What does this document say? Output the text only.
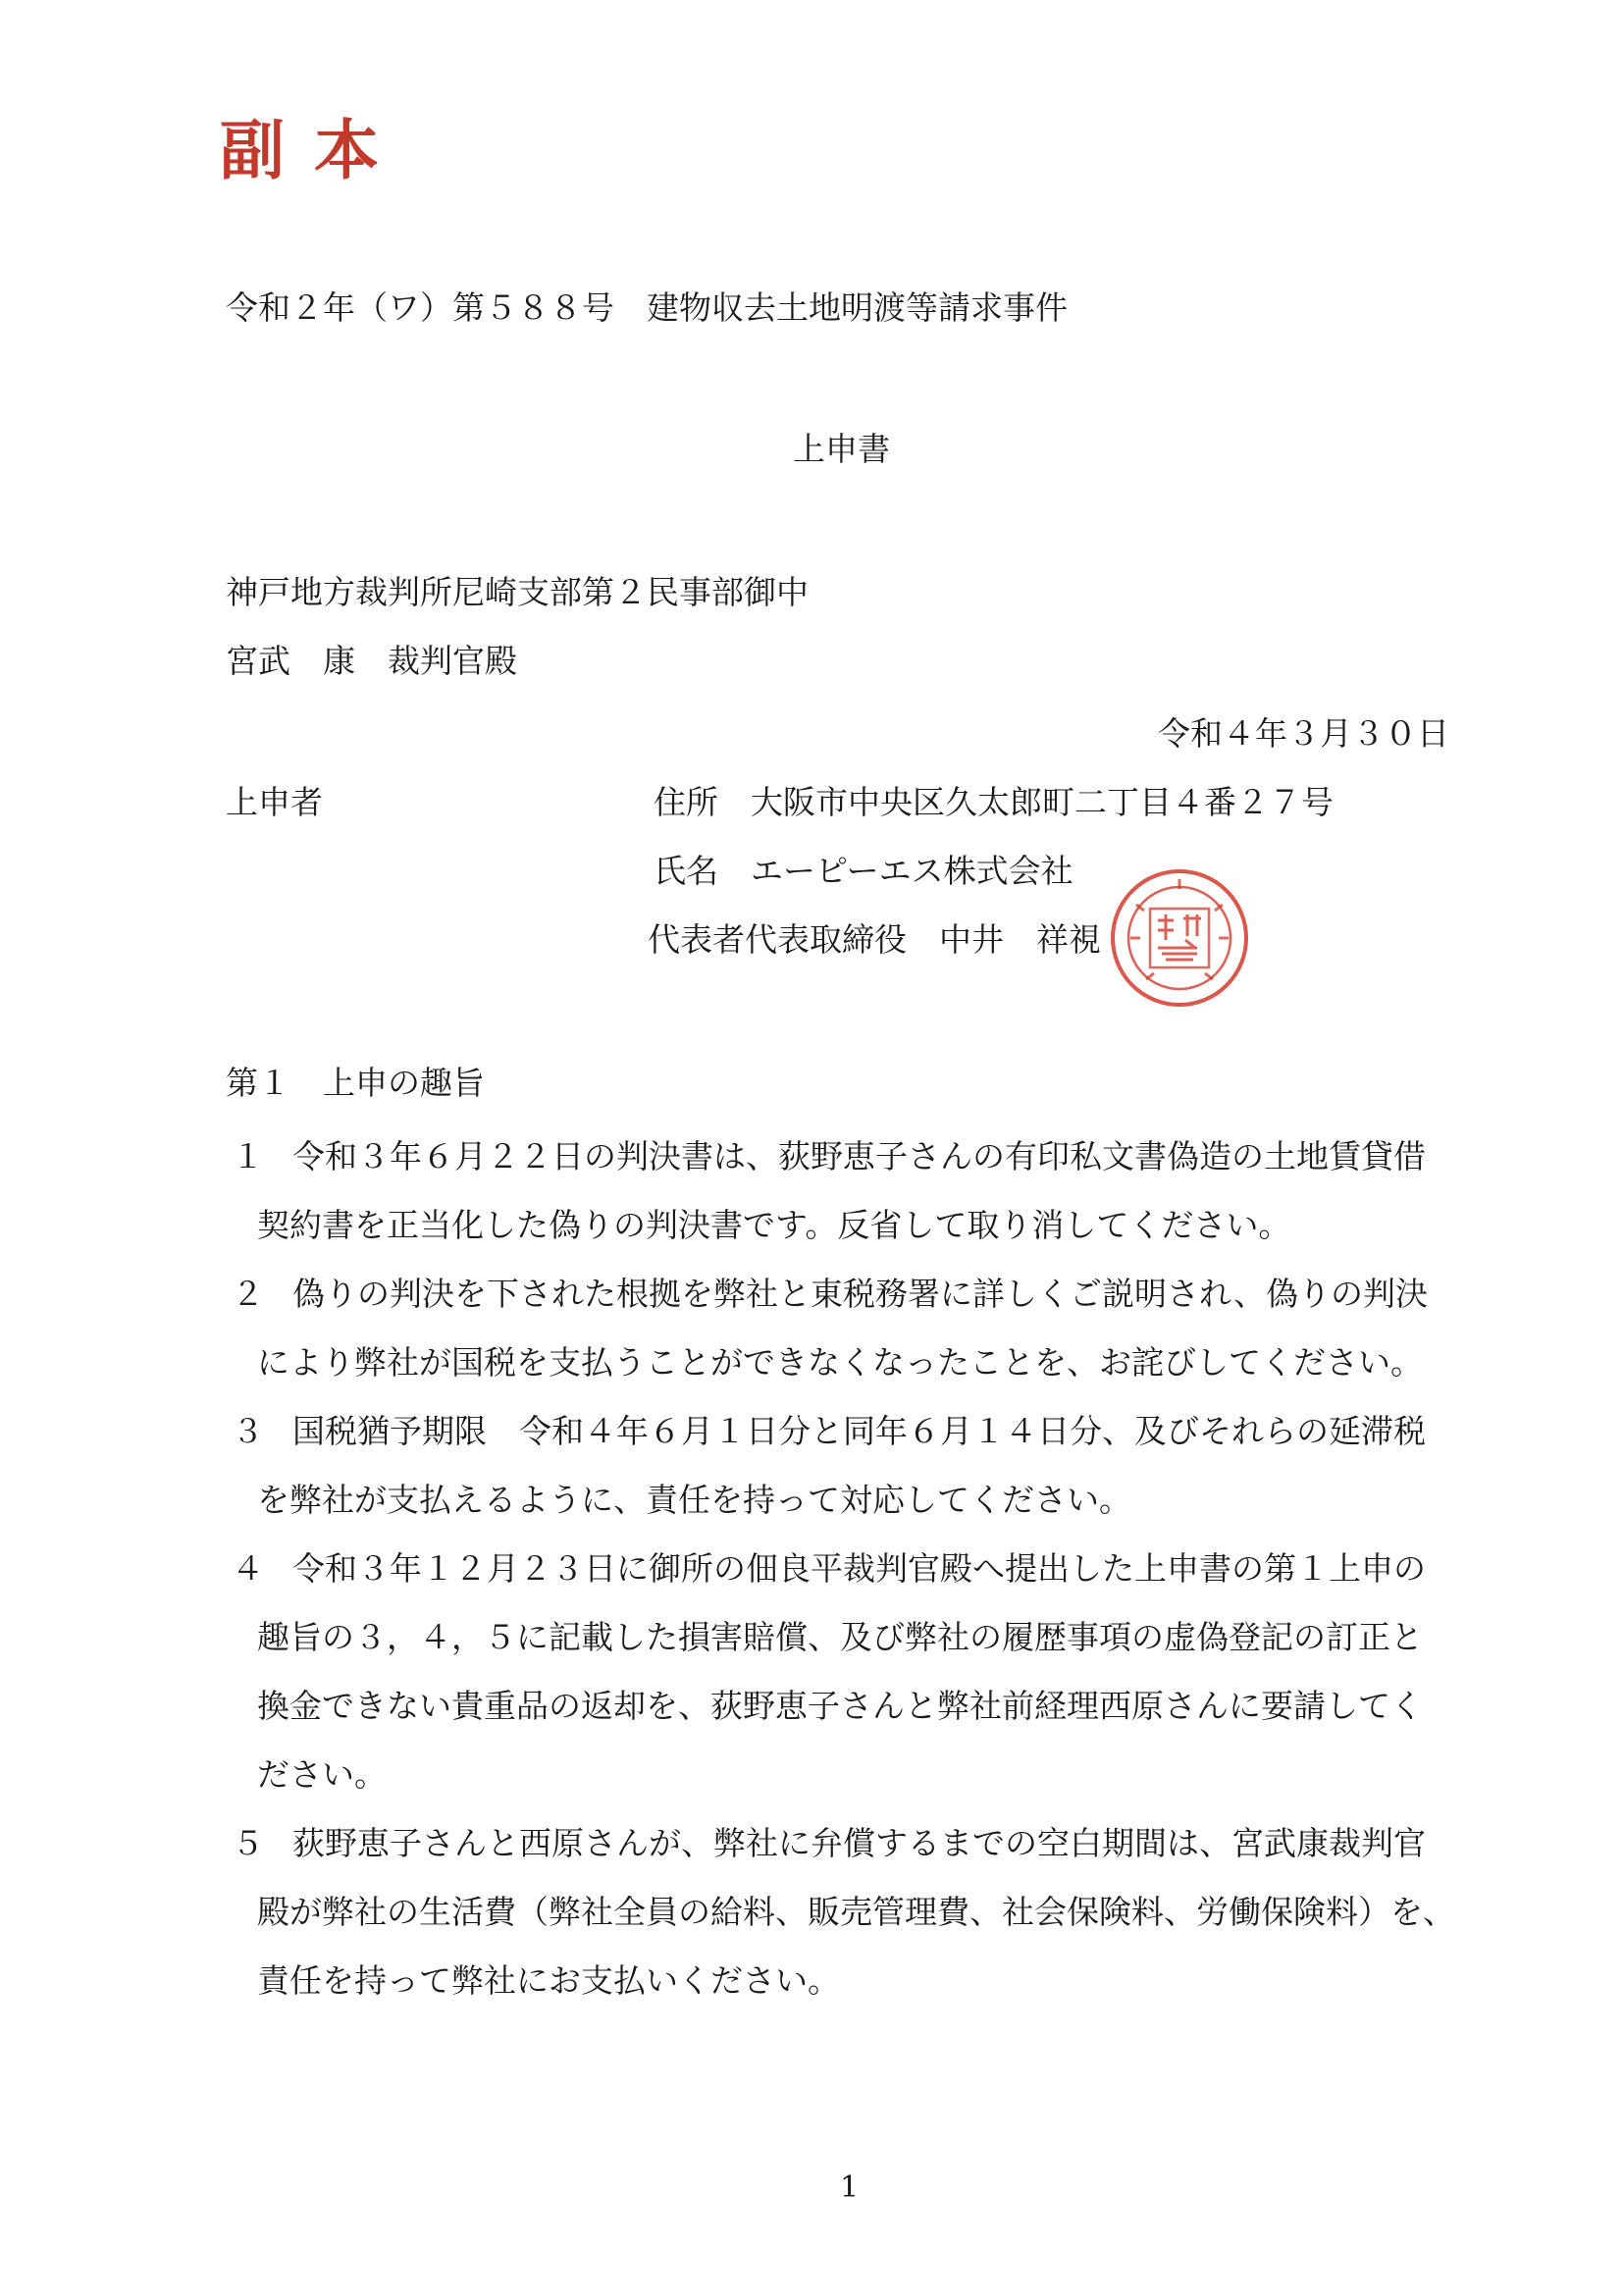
副本
令和２年（ワ）第５８８号　建物収去土地明渡等請求事件
上申書
神戸地方裁判所尼崎支部第２民事部御中
宮武　康　裁判官殿
令和４年３月３０日
上申者	住所　大阪市中央区久太郎町二丁目４番２７号
氏名　エーピーエス株式会社
代表者代表取締役　中井　祥視
第１　上申の趣旨
１ 令和３年６月２２日の判決書は、荻野恵子さんの有印私文書偽造の土地賃貸借
契約書を正当化した偽りの判決書です。反省して取り消してください。
２ 偽りの判決を下された根拠を弊社と東税務署に詳しくご説明され、偽りの判決
により弊社が国税を支払うことができなくなったことを、お詫びしてください。
３ 国税猶予期限　令和４年６月１日分と同年６月１４日分、及びそれらの延滞税
を弊社が支払えるように、責任を持って対応してください。
４ 令和３年１２月２３日に御所の佃良平裁判官殿へ提出した上申書の第１上申の
趣旨の３，４，５に記載した損害賠償、及び弊社の履歴事項の虚偽登記の訂正と
換金できない貴重品の返却を、荻野恵子さんと弊社前経理西原さんに要請してく
ださい。
５ 荻野恵子さんと西原さんが、弊社に弁償するまでの空白期間は、宮武康裁判官
殿が弊社の生活費（弊社全員の給料、販売管理費、社会保険料、労働保険料）を、
責任を持って弊社にお支払いください。
1
